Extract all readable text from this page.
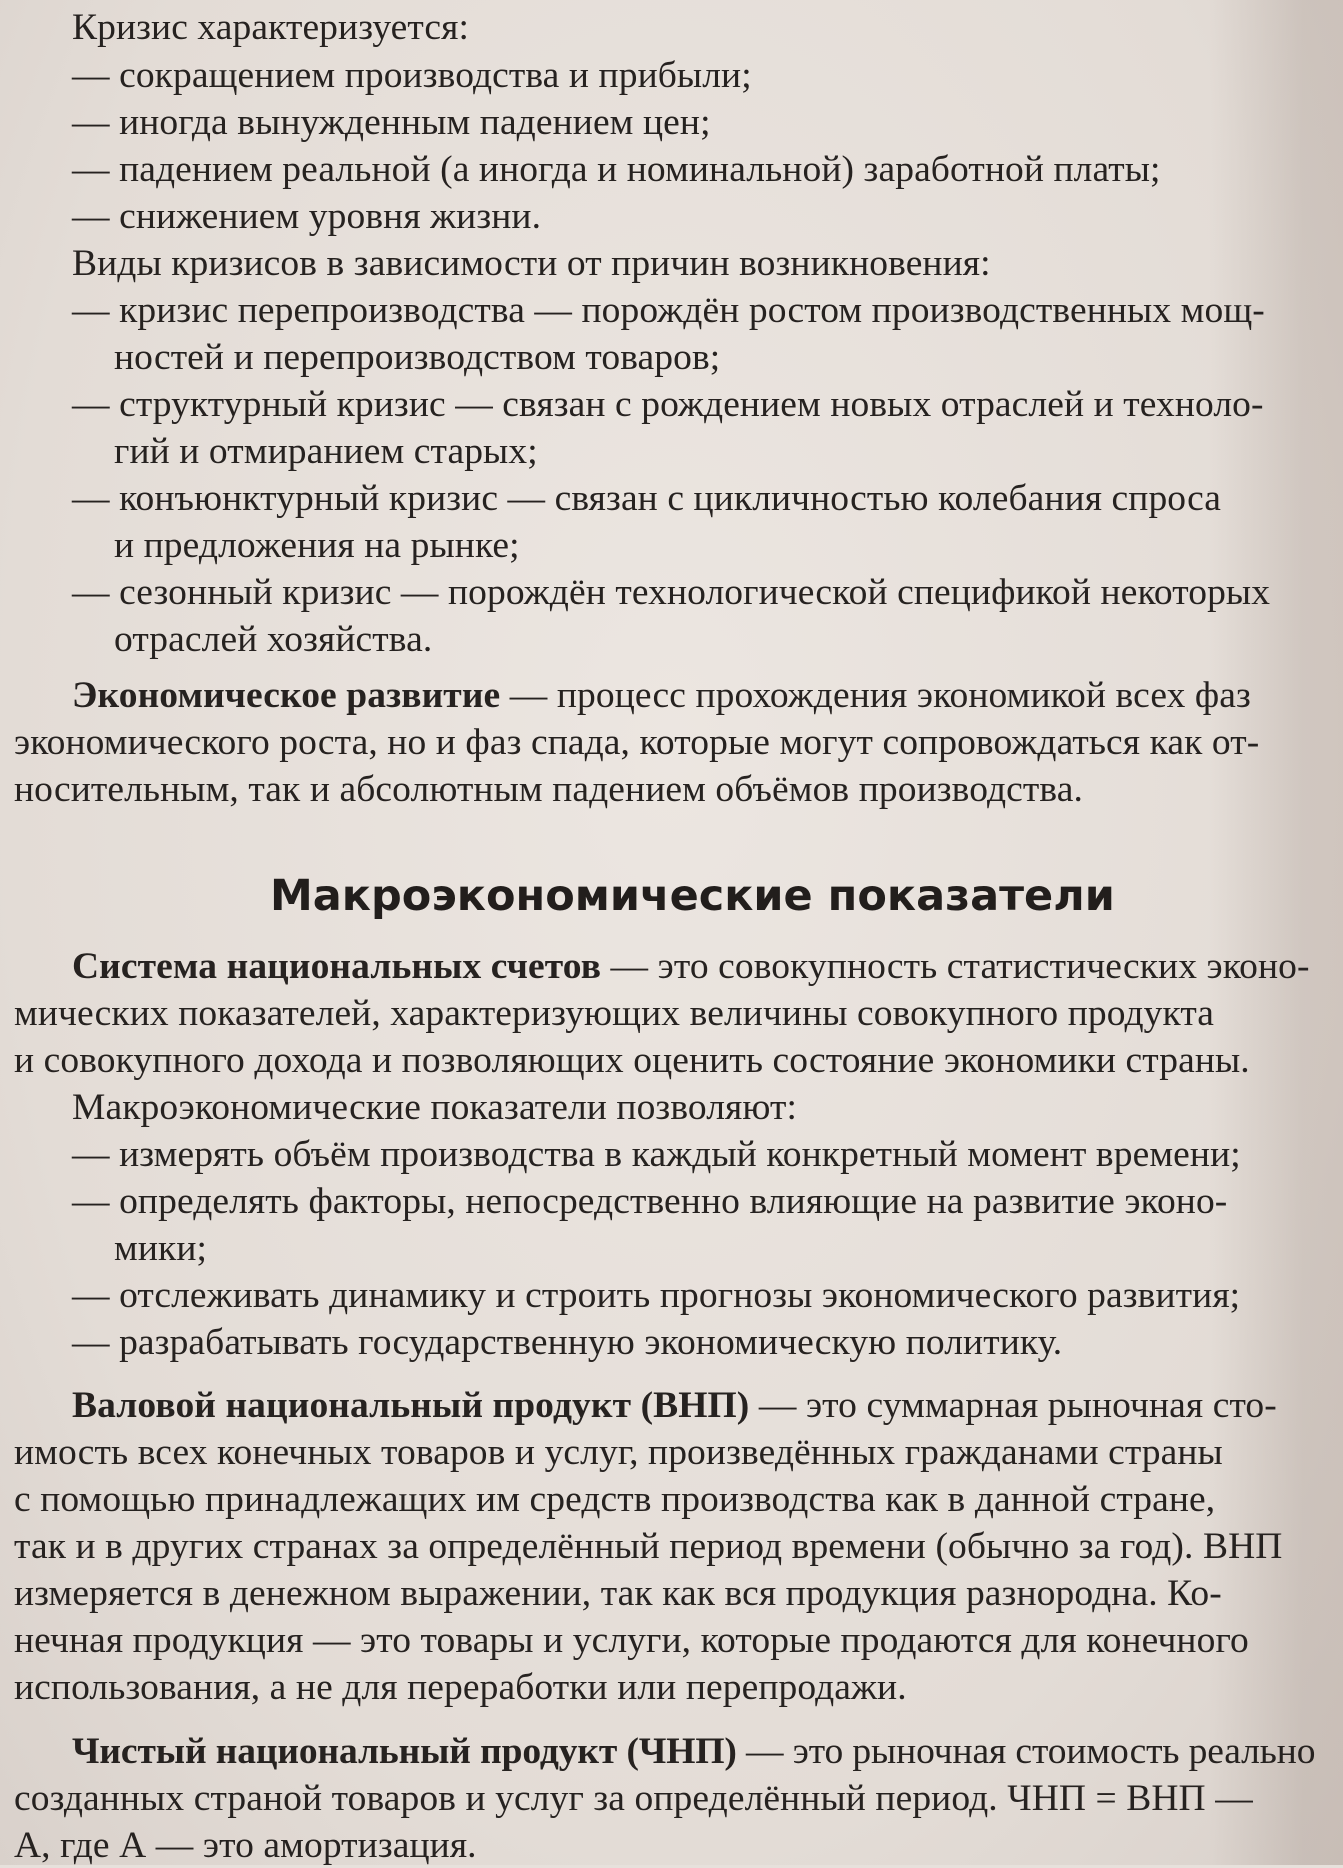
Кризис характеризуется:
— сокращением производства и прибыли;
— иногда вынужденным падением цен;
— падением реальной (а иногда и номинальной) заработной платы;
— снижением уровня жизни.
Виды кризисов в зависимости от причин возникновения:
— кризис перепроизводства — порождён ростом производственных мощ-
ностей и перепроизводством товаров;
— структурный кризис — связан с рождением новых отраслей и техноло-
гий и отмиранием старых;
— конъюнктурный кризис — связан с цикличностью колебания спроса
и предложения на рынке;
— сезонный кризис — порождён технологической спецификой некоторых
отраслей хозяйства.
Экономическое развитие — процесс прохождения экономикой всех фаз
экономического роста, но и фаз спада, которые могут сопровождаться как от-
носительным, так и абсолютным падением объёмов производства.
Макроэкономические показатели
Система национальных счетов — это совокупность статистических эконо-
мических показателей, характеризующих величины совокупного продукта
и совокупного дохода и позволяющих оценить состояние экономики страны.
Макроэкономические показатели позволяют:
— измерять объём производства в каждый конкретный момент времени;
— определять факторы, непосредственно влияющие на развитие эконо-
мики;
— отслеживать динамику и строить прогнозы экономического развития;
— разрабатывать государственную экономическую политику.
Валовой национальный продукт (ВНП) — это суммарная рыночная сто-
имость всех конечных товаров и услуг, произведённых гражданами страны
с помощью принадлежащих им средств производства как в данной стране,
так и в других странах за определённый период времени (обычно за год). ВНП
измеряется в денежном выражении, так как вся продукция разнородна. Ко-
нечная продукция — это товары и услуги, которые продаются для конечного
использования, а не для переработки или перепродажи.
Чистый национальный продукт (ЧНП) — это рыночная стоимость реально
созданных страной товаров и услуг за определённый период. ЧНП = ВНП —
А, где А — это амортизация.
